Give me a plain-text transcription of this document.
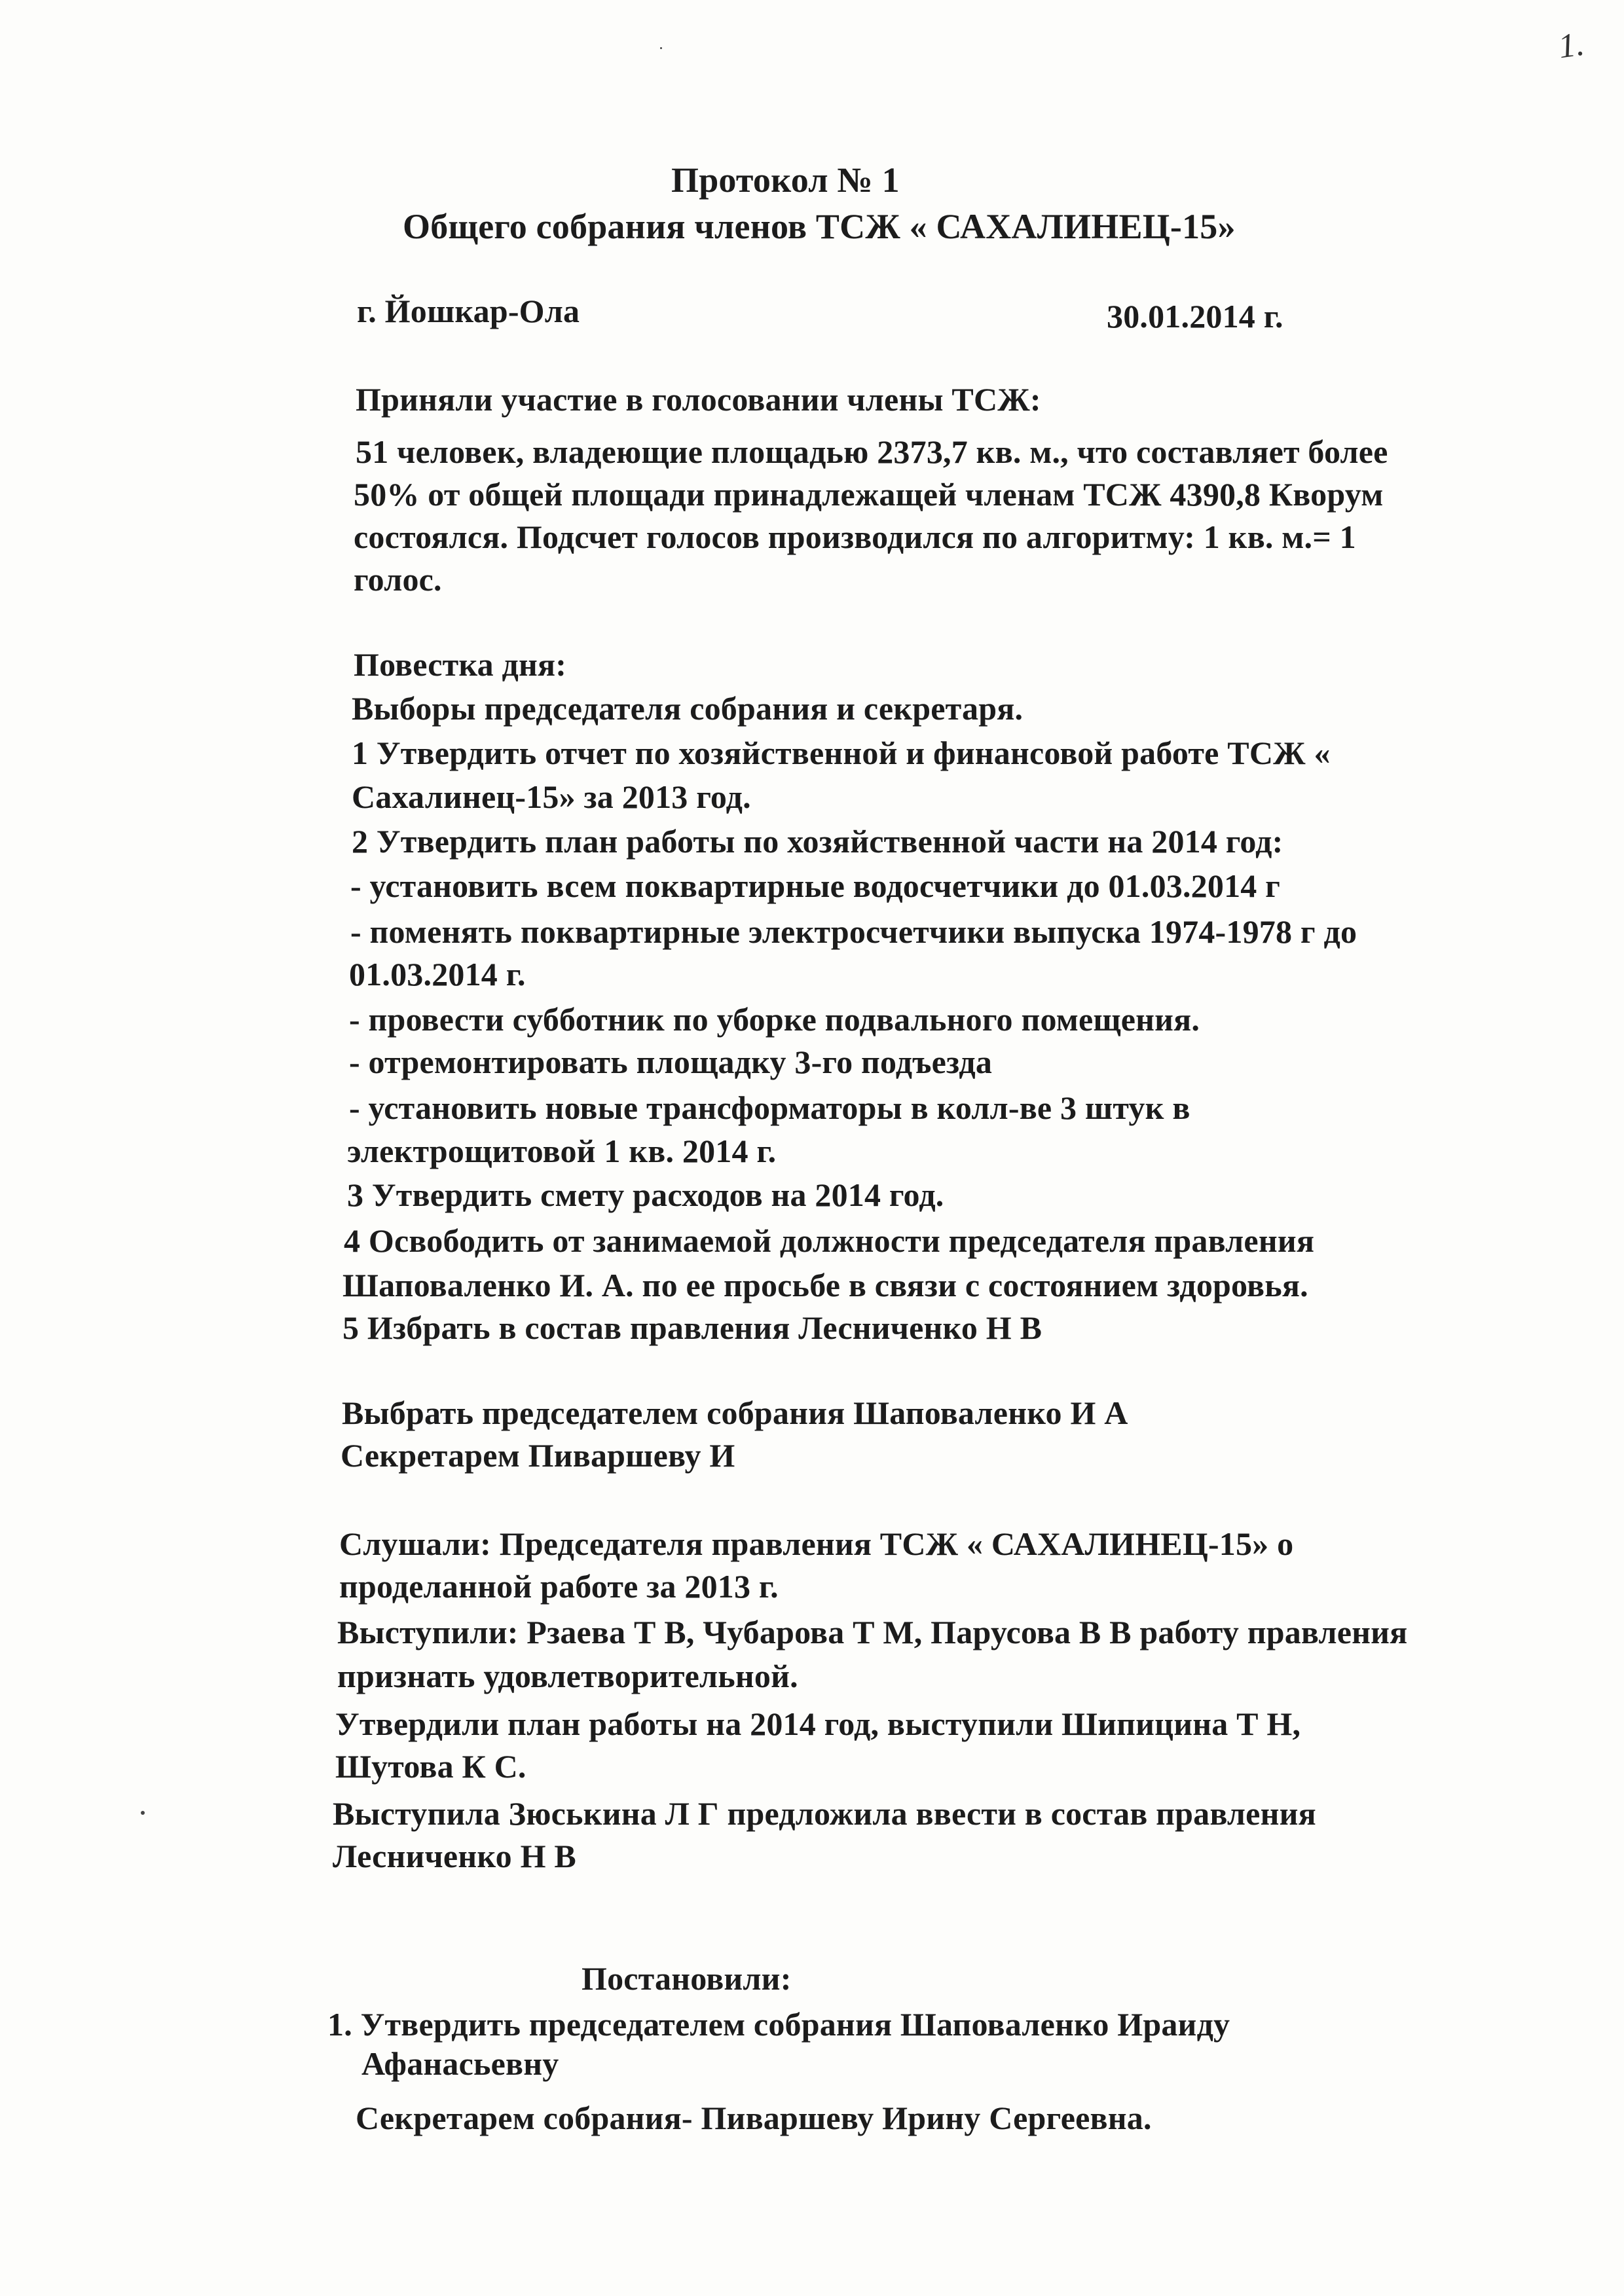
1.
Протокол № 1
Общего собрания членов ТСЖ « САХАЛИНЕЦ-15»
г. Йошкар-Ола	30.01.2014 г.
Приняли участие в голосовании члены ТСЖ:
51 человек, владеющие площадью 2373,7 кв. м., что составляет более
50% от общей площади принадлежащей членам ТСЖ 4390,8 Кворум
состоялся. Подсчет голосов производился по алгоритму: 1 кв. м.= 1
голос.
Повестка дня:
Выборы председателя собрания и секретаря.
1 Утвердить отчет по хозяйственной и финансовой работе ТСЖ «
Сахалинец-15» за 2013 год.
2 Утвердить план работы по хозяйственной части на 2014 год:
- установить всем поквартирные водосчетчики до 01.03.2014 г
- поменять поквартирные электросчетчики выпуска 1974-1978 г до
01.03.2014 г.
- провести субботник по уборке подвального помещения.
- отремонтировать площадку 3-го подъезда
- установить новые трансформаторы в колл-ве 3 штук в
электрощитовой 1 кв. 2014 г.
3 Утвердить смету расходов на 2014 год.
4 Освободить от занимаемой должности председателя правления
Шаповаленко И. А. по ее просьбе в связи с состоянием здоровья.
5 Избрать в состав правления Лесниченко Н В
Выбрать председателем собрания Шаповаленко И А
Секретарем Пиваршеву И
Слушали: Председателя правления ТСЖ « САХАЛИНЕЦ-15» о
проделанной работе за 2013 г.
Выступили: Рзаева Т В, Чубарова Т М, Парусова В В работу правления
признать удовлетворительной.
Утвердили план работы на 2014 год, выступили Шипицина Т Н,
Шутова К С.
Выступила Зюськина Л Г предложила ввести в состав правления
Лесниченко Н В
Постановили:
1. Утвердить председателем собрания Шаповаленко Ираиду
Афанасьевну
Секретарем собрания- Пиваршеву Ирину Сергеевна.
